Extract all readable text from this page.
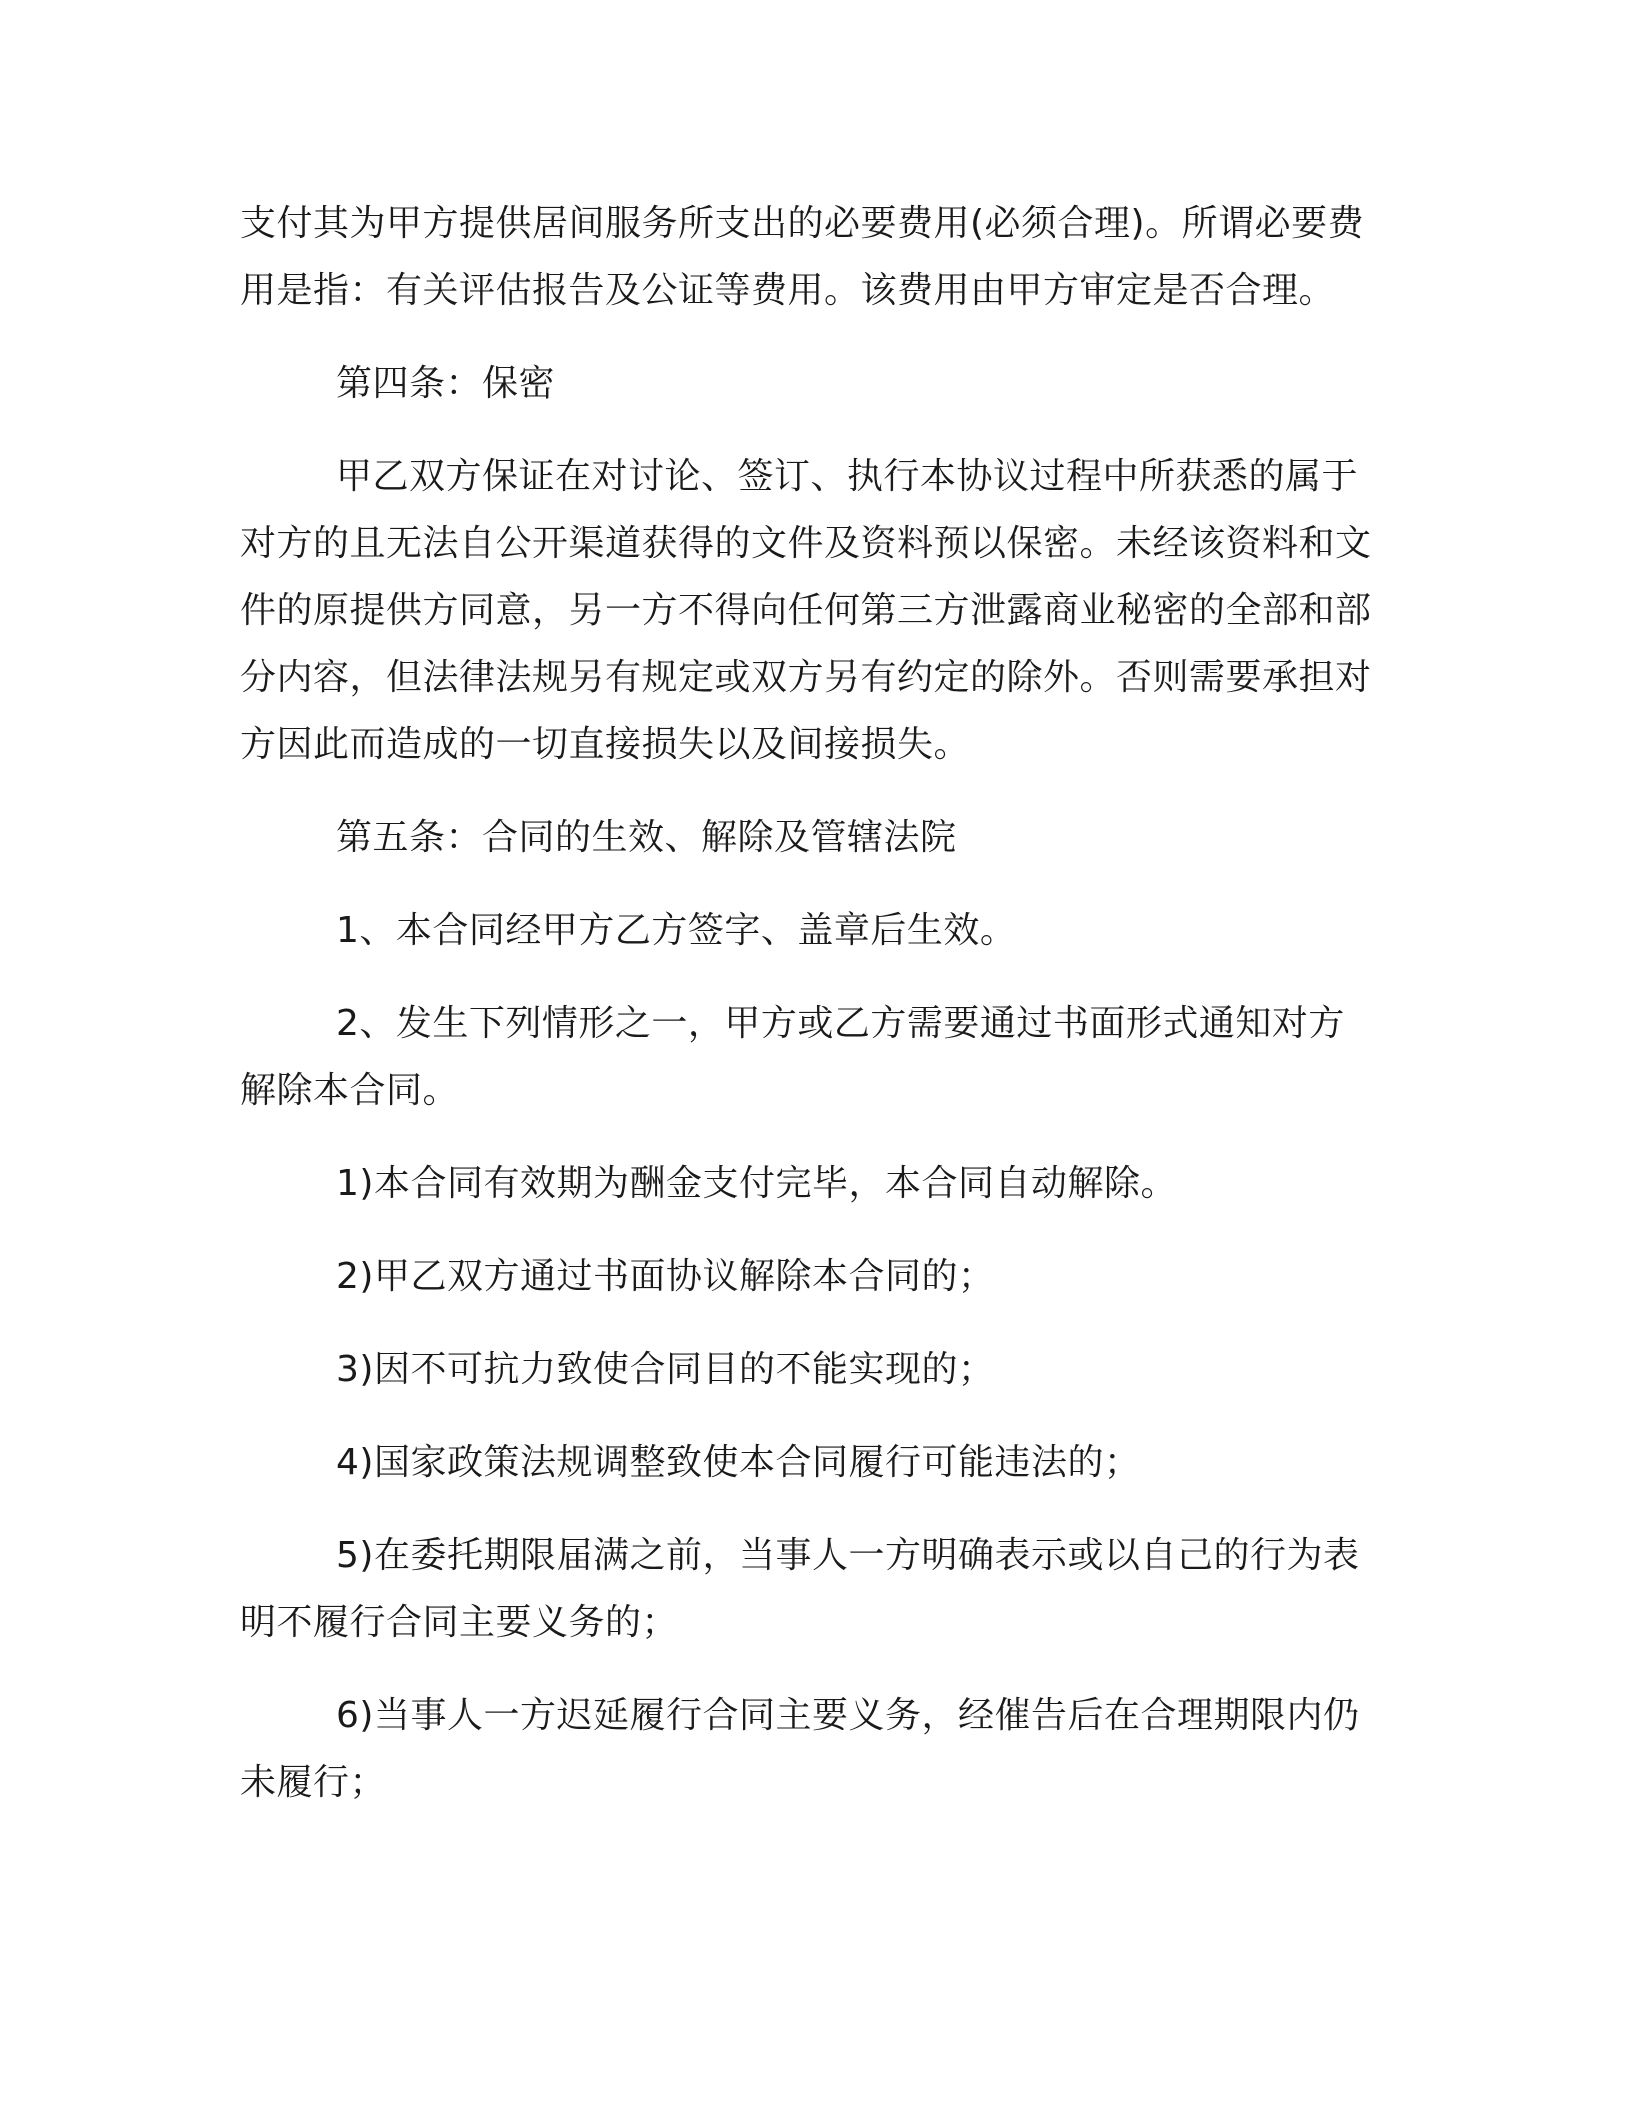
支付其为甲方提供居间服务所支出的必要费用(必须合理)。所谓必要费用是指：有关评估报告及公证等费用。该费用由甲方审定是否合理。

第四条：保密

甲乙双方保证在对讨论、签订、执行本协议过程中所获悉的属于对方的且无法自公开渠道获得的文件及资料预以保密。未经该资料和文件的原提供方同意，另一方不得向任何第三方泄露商业秘密的全部和部分内容，但法律法规另有规定或双方另有约定的除外。否则需要承担对方因此而造成的一切直接损失以及间接损失。

第五条：合同的生效、解除及管辖法院

1、本合同经甲方乙方签字、盖章后生效。

2、发生下列情形之一，甲方或乙方需要通过书面形式通知对方解除本合同。

1)本合同有效期为酬金支付完毕，本合同自动解除。

2)甲乙双方通过书面协议解除本合同的；

3)因不可抗力致使合同目的不能实现的；

4)国家政策法规调整致使本合同履行可能违法的；

5)在委托期限届满之前，当事人一方明确表示或以自己的行为表明不履行合同主要义务的；

6)当事人一方迟延履行合同主要义务，经催告后在合理期限内仍未履行；
